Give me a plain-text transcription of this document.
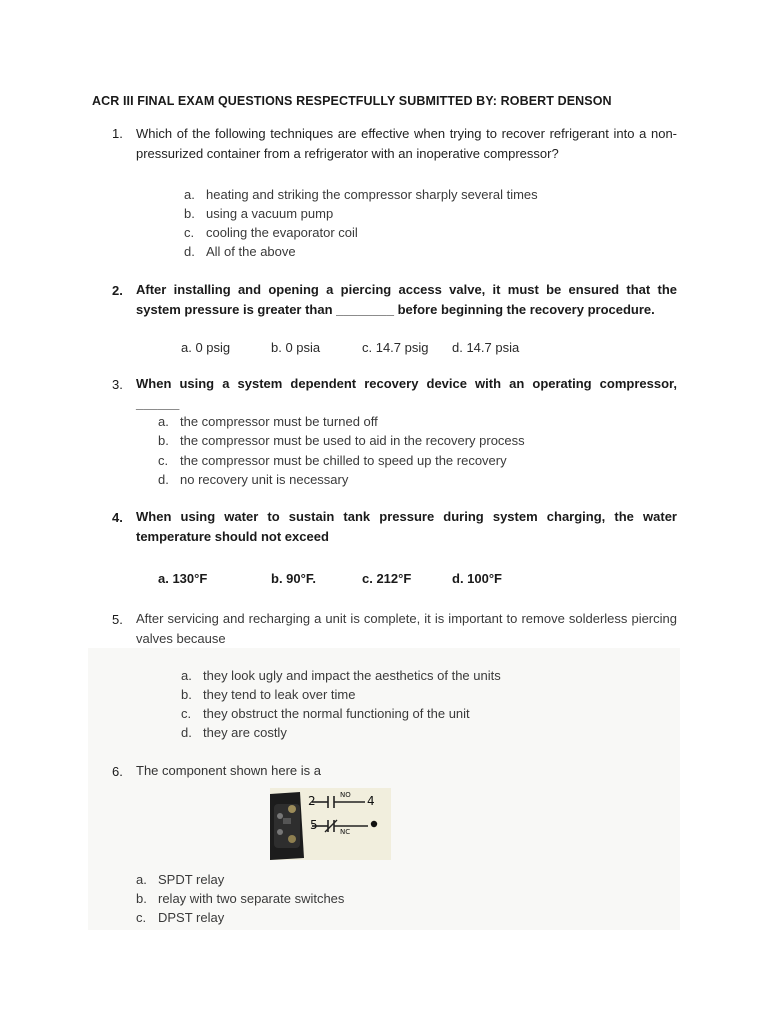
ACR III FINAL EXAM QUESTIONS RESPECTFULLY SUBMITTED BY: ROBERT DENSON
1. Which of the following techniques are effective when trying to recover refrigerant into a non-pressurized container from a refrigerator with an inoperative compressor?
a. heating and striking the compressor sharply several times
b. using a vacuum pump
c. cooling the evaporator coil
d. All of the above
2. After installing and opening a piercing access valve, it must be ensured that the system pressure is greater than ________ before beginning the recovery procedure.
a. 0 psig	b. 0 psia	c. 14.7 psig d. 14.7 psia
3. When using a system dependent recovery device with an operating compressor, ______
a. the compressor must be turned off
b. the compressor must be used to aid in the recovery process
c. the compressor must be chilled to speed up the recovery
d. no recovery unit is necessary
4. When using water to sustain tank pressure during system charging, the water temperature should not exceed
a. 130°F	b. 90°F.	c. 212°F	d. 100°F
5. After servicing and recharging a unit is complete, it is important to remove solderless piercing valves because
a. they look ugly and impact the aesthetics of the units
b. they tend to leak over time
c. they obstruct the normal functioning of the unit
d. they are costly
6. The component shown here is a
2	NO 4
5	NC
a. SPDT relay
b. relay with two separate switches
c. DPST relay
